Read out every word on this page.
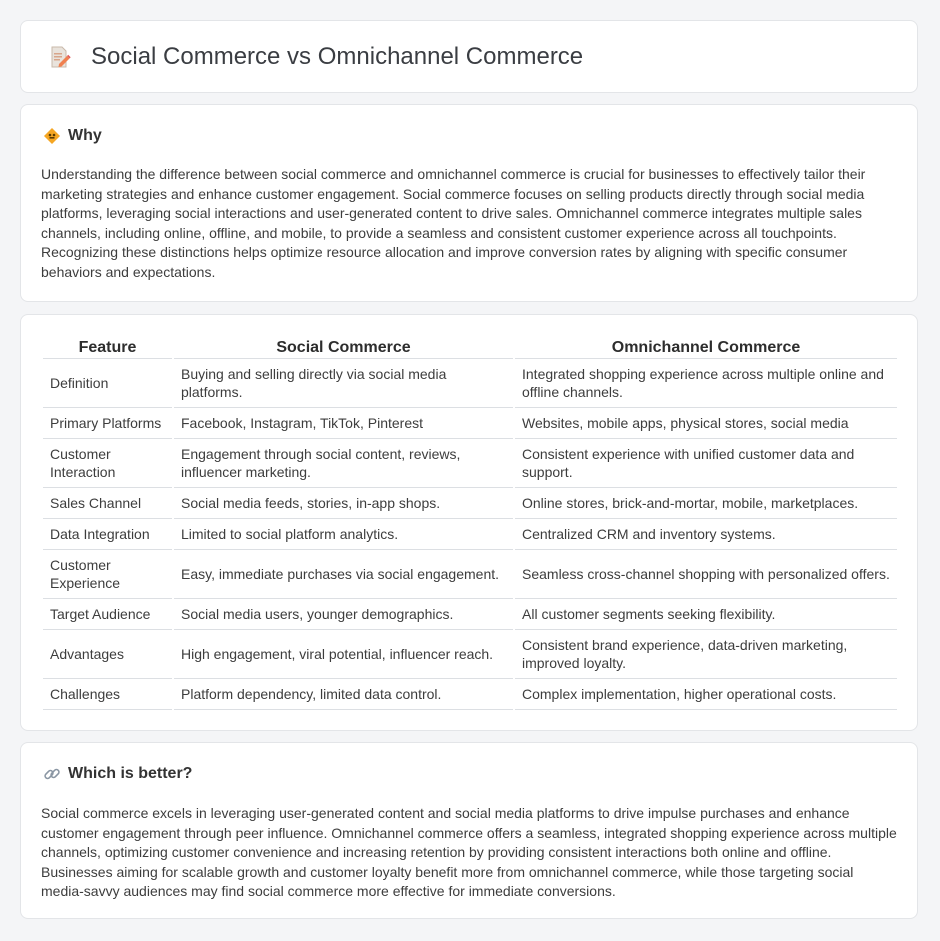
Social Commerce vs Omnichannel Commerce
Why

Understanding the difference between social commerce and omnichannel commerce is crucial for businesses to effectively tailor their marketing strategies and enhance customer engagement. Social commerce focuses on selling products directly through social media platforms, leveraging social interactions and user-generated content to drive sales. Omnichannel commerce integrates multiple sales channels, including online, offline, and mobile, to provide a seamless and consistent customer experience across all touchpoints. Recognizing these distinctions helps optimize resource allocation and improve conversion rates by aligning with specific consumer behaviors and expectations.

Feature	Social Commerce	Omnichannel Commerce
Definition	Buying and selling directly via social media platforms.	Integrated shopping experience across multiple online and offline channels.
Primary Platforms	Facebook, Instagram, TikTok, Pinterest	Websites, mobile apps, physical stores, social media
Customer Interaction	Engagement through social content, reviews, influencer marketing.	Consistent experience with unified customer data and support.
Sales Channel	Social media feeds, stories, in-app shops.	Online stores, brick-and-mortar, mobile, marketplaces.
Data Integration	Limited to social platform analytics.	Centralized CRM and inventory systems.
Customer Experience	Easy, immediate purchases via social engagement.	Seamless cross-channel shopping with personalized offers.
Target Audience	Social media users, younger demographics.	All customer segments seeking flexibility.
Advantages	High engagement, viral potential, influencer reach.	Consistent brand experience, data-driven marketing, improved loyalty.
Challenges	Platform dependency, limited data control.	Complex implementation, higher operational costs.
Which is better?

Social commerce excels in leveraging user-generated content and social media platforms to drive impulse purchases and enhance customer engagement through peer influence. Omnichannel commerce offers a seamless, integrated shopping experience across multiple channels, optimizing customer convenience and increasing retention by providing consistent interactions both online and offline. Businesses aiming for scalable growth and customer loyalty benefit more from omnichannel commerce, while those targeting social media-savvy audiences may find social commerce more effective for immediate conversions.
